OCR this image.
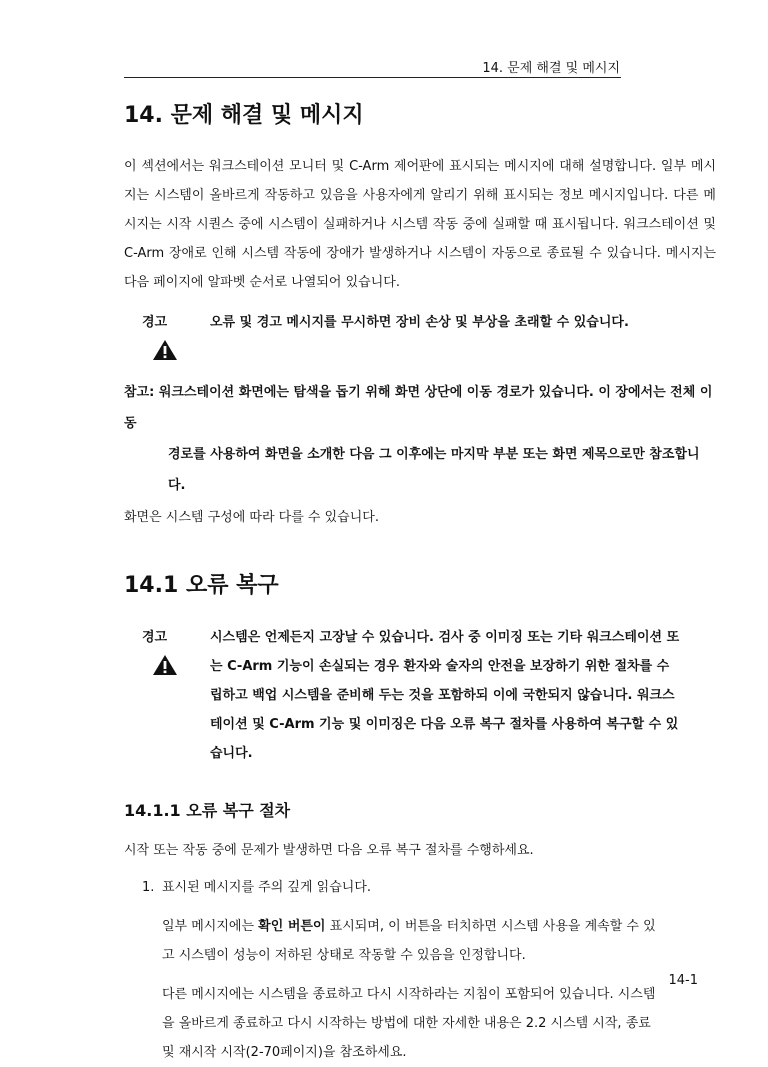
14. 문제 해결 및 메시지
14. 문제 해결 및 메시지

이 섹션에서는 워크스테이션 모니터 및 C-Arm 제어판에 표시되는 메시지에 대해 설명합니다. 일부 메시지는 시스템이 올바르게 작동하고 있음을 사용자에게 알리기 위해 표시되는 정보 메시지입니다. 다른 메시지는 시작 시퀀스 중에 시스템이 실패하거나 시스템 작동 중에 실패할 때 표시됩니다. 워크스테이션 및 C-Arm 장애로 인해 시스템 작동에 장애가 발생하거나 시스템이 자동으로 종료될 수 있습니다. 메시지는 다음 페이지에 알파벳 순서로 나열되어 있습니다.

경고	오류 및 경고 메시지를 무시하면 장비 손상 및 부상을 초래할 수 있습니다.

참고: 워크스테이션 화면에는 탐색을 돕기 위해 화면 상단에 이동 경로가 있습니다. 이 장에서는 전체 이동
경로를 사용하여 화면을 소개한 다음 그 이후에는 마지막 부분 또는 화면 제목으로만 참조합니다.

화면은 시스템 구성에 따라 다를 수 있습니다.

14.1 오류 복구
경고	시스템은 언제든지 고장날 수 있습니다. 검사 중 이미징 또는 기타 워크스테이션 또는 C-Arm 기능이 손실되는 경우 환자와 술자의 안전을 보장하기 위한 절차를 수립하고 백업 시스템을 준비해 두는 것을 포함하되 이에 국한되지 않습니다. 워크스테이션 및 C-Arm 기능 및 이미징은 다음 오류 복구 절차를 사용하여 복구할 수 있습니다.

14.1.1 오류 복구 절차

시작 또는 작동 중에 문제가 발생하면 다음 오류 복구 절차를 수행하세요.

1. 표시된 메시지를 주의 깊게 읽습니다.

일부 메시지에는 확인 버튼이 표시되며, 이 버튼을 터치하면 시스템 사용을 계속할 수 있고 시스템이 성능이 저하된 상태로 작동할 수 있음을 인정합니다.

다른 메시지에는 시스템을 종료하고 다시 시작하라는 지침이 포함되어 있습니다. 시스템을 올바르게 종료하고 다시 시작하는 방법에 대한 자세한 내용은 2.2 시스템 시작, 종료 및 재시작 시작(2-70페이지)을 참조하세요.

14-1
